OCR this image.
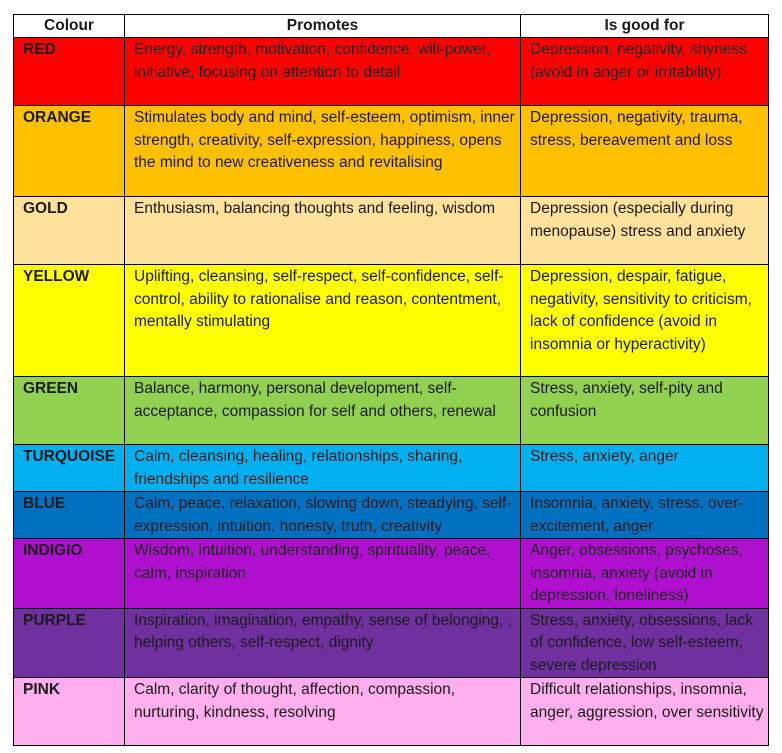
Colour	Promotes	Is good for
RED	Energy, strength, motivation, confidence, will-power, initiative, focusing on attention to detail	Depression, negativity, shyness (avoid in anger or irritability)
ORANGE	Stimulates body and mind, self-esteem, optimism, inner strength, creativity, self-expression, happiness, opens the mind to new creativeness and revitalising	Depression, negativity, trauma, stress, bereavement and loss
GOLD	Enthusiasm, balancing thoughts and feeling, wisdom	Depression (especially during menopause) stress and anxiety
YELLOW	Uplifting, cleansing, self-respect, self-confidence, self-control, ability to rationalise and reason, contentment, mentally stimulating	Depression, despair, fatigue, negativity, sensitivity to criticism, lack of confidence (avoid in insomnia or hyperactivity)
GREEN	Balance, harmony, personal development, self-acceptance, compassion for self and others, renewal	Stress, anxiety, self-pity and confusion
TURQUOISE	Calm, cleansing, healing, relationships, sharing, friendships and resilience	Stress, anxiety, anger
BLUE	Calm, peace, relaxation, slowing down, steadying, self-expression, intuition, honesty, truth, creativity	Insomnia, anxiety, stress, over-excitement, anger
INDIGIO	Wisdom, intuition, understanding, spirituality, peace, calm, inspiration	Anger, obsessions, psychoses, insomnia, anxiety (avoid in depression, loneliness)
PURPLE	Inspiration, imagination, empathy, sense of belonging, , helping others, self-respect, dignity	Stress, anxiety, obsessions, lack of confidence, low self-esteem, severe depression
PINK	Calm, clarity of thought, affection, compassion, nurturing, kindness, resolving	Difficult relationships, insomnia, anger, aggression, over sensitivity
